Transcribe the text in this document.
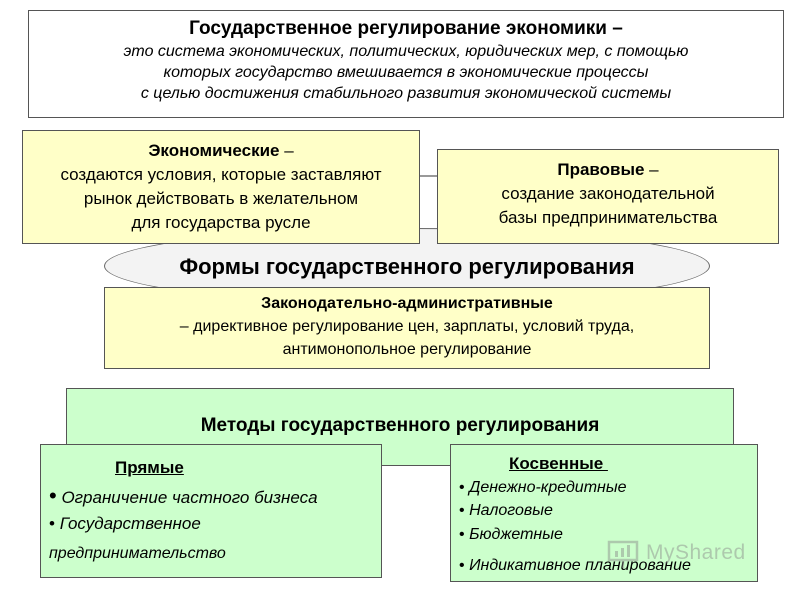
Государственное регулирование экономики –
это система экономических, политических, юридических мер, с помощью
которых государство вмешивается в экономические процессы
с целью достижения стабильного развития экономической системы
Экономические –
создаются условия, которые заставляют
рынок действовать в желательном
для государства русле
Правовые –
создание законодательной
базы предпринимательства
Формы государственного регулирования
Законодательно-административные
– директивное регулирование цен, зарплаты, условий труда,
антимонопольное регулирование
Методы государственного регулирования
Прямые
• Ограничение частного бизнеса
• Государственное
предпринимательство
Косвенные
• Денежно-кредитные
• Налоговые
• Бюджетные
• Индикативное планирование
MyShared
